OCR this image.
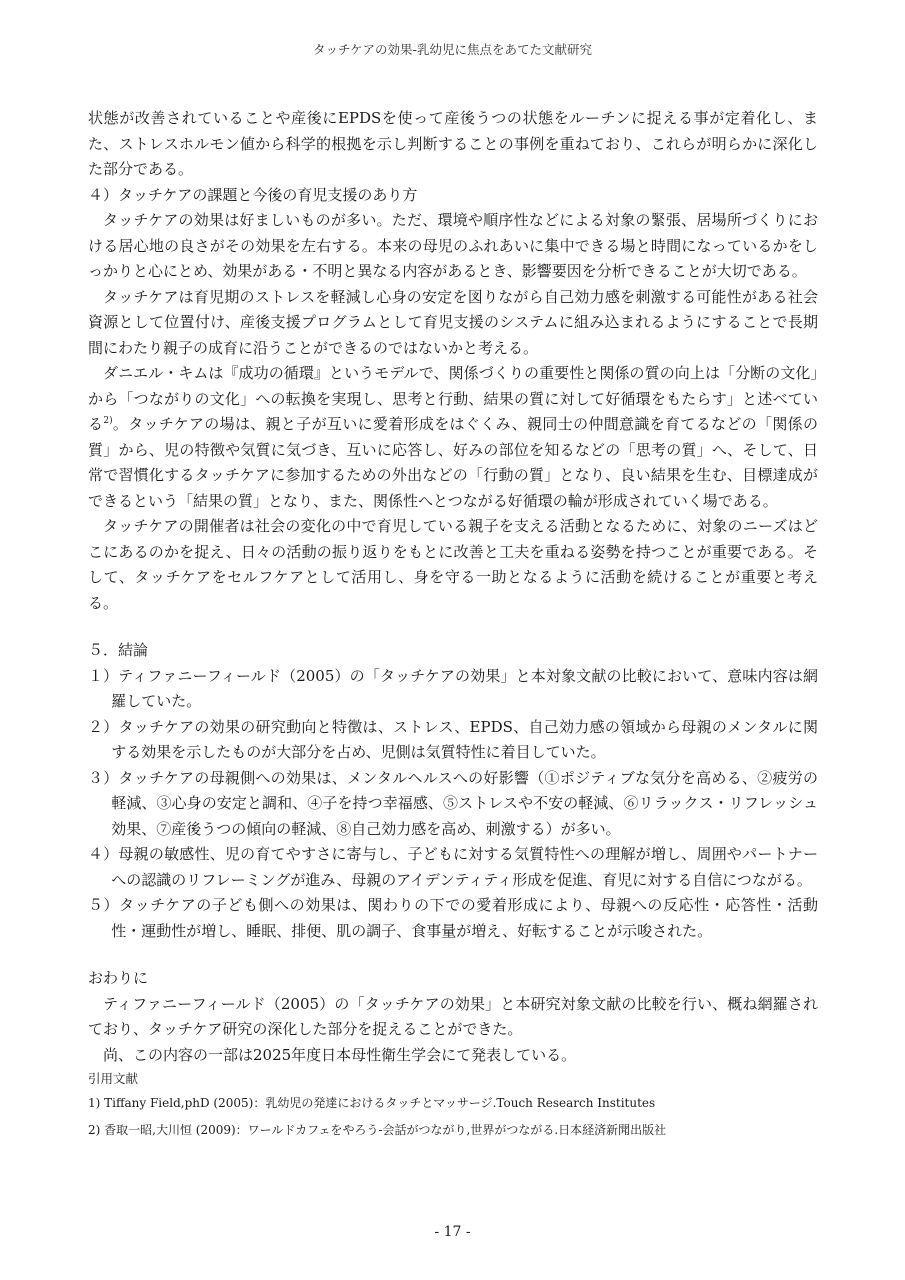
タッチケアの効果-乳幼児に焦点をあてた文献研究

状態が改善されていることや産後にEPDSを使って産後うつの状態をルーチンに捉える事が定着化し、また、ストレスホルモン値から科学的根拠を示し判断することの事例を重ねており、これらが明らかに深化した部分である。

４）タッチケアの課題と今後の育児支援のあり方

タッチケアの効果は好ましいものが多い。ただ、環境や順序性などによる対象の緊張、居場所づくりにおける居心地の良さがその効果を左右する。本来の母児のふれあいに集中できる場と時間になっているかをしっかりと心にとめ、効果がある・不明と異なる内容があるとき、影響要因を分析できることが大切である。

タッチケアは育児期のストレスを軽減し心身の安定を図りながら自己効力感を刺激する可能性がある社会資源として位置付け、産後支援プログラムとして育児支援のシステムに組み込まれるようにすることで長期間にわたり親子の成育に沿うことができるのではないかと考える。

ダニエル・キムは『成功の循環』というモデルで、関係づくりの重要性と関係の質の向上は「分断の文化」から「つながりの文化」への転換を実現し、思考と行動、結果の質に対して好循環をもたらす」と述べている$^{2)}$。タッチケアの場は、親と子が互いに愛着形成をはぐくみ、親同士の仲間意識を育てるなどの「関係の質」から、児の特徴や気質に気づき、互いに応答し、好みの部位を知るなどの「思考の質」へ、そして、日常で習慣化するタッチケアに参加するための外出などの「行動の質」となり、良い結果を生む、目標達成ができるという「結果の質」となり、また、関係性へとつながる好循環の輪が形成されていく場である。

タッチケアの開催者は社会の変化の中で育児している親子を支える活動となるために、対象のニーズはどこにあるのかを捉え、日々の活動の振り返りをもとに改善と工夫を重ねる姿勢を持つことが重要である。そして、タッチケアをセルフケアとして活用し、身を守る一助となるように活動を続けることが重要と考える。

５．結論

１）ティファニーフィールド（2005）の「タッチケアの効果」と本対象文献の比較において、意味内容は網羅していた。

２）タッチケアの効果の研究動向と特徴は、ストレス、EPDS、自己効力感の領域から母親のメンタルに関する効果を示したものが大部分を占め、児側は気質特性に着目していた。

３）タッチケアの母親側への効果は、メンタルヘルスへの好影響（①ポジティブな気分を高める、②疲労の軽減、③心身の安定と調和、④子を持つ幸福感、⑤ストレスや不安の軽減、⑥リラックス・リフレッシュ効果、⑦産後うつの傾向の軽減、⑧自己効力感を高め、刺激する）が多い。

４）母親の敏感性、児の育てやすさに寄与し、子どもに対する気質特性への理解が増し、周囲やパートナーへの認識のリフレーミングが進み、母親のアイデンティティ形成を促進、育児に対する自信につながる。

５）タッチケアの子ども側への効果は、関わりの下での愛着形成により、母親への反応性・応答性・活動性・運動性が増し、睡眠、排便、肌の調子、食事量が増え、好転することが示唆された。

おわりに

ティファニーフィールド（2005）の「タッチケアの効果」と本研究対象文献の比較を行い、概ね網羅されており、タッチケア研究の深化した部分を捉えることができた。

尚、この内容の一部は2025年度日本母性衛生学会にて発表している。

引用文献

1) Tiffany Field,phD (2005)：乳幼児の発達におけるタッチとマッサージ.Touch Research Institutes

2) 香取一昭,大川恒 (2009)：ワールドカフェをやろう-会話がつながり,世界がつながる.日本経済新聞出版社

- 17 -
